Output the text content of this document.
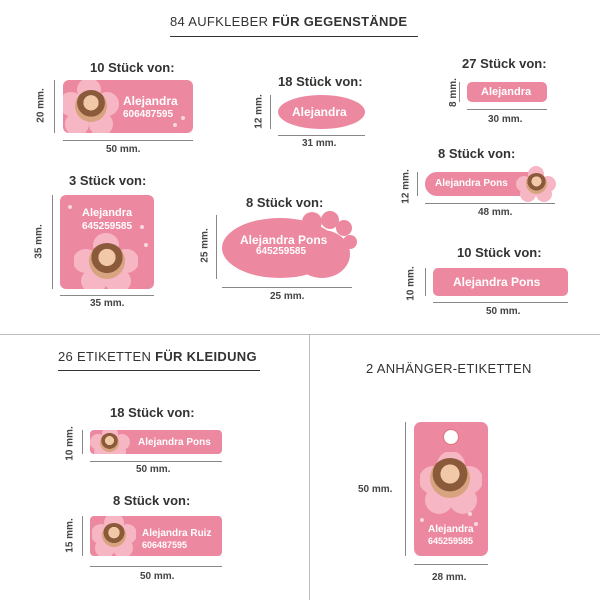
84 AUFKLEBER FÜR GEGENSTÄNDE
10 Stück von:
Alejandra
606487595
20 mm.
50 mm.
18 Stück von:
Alejandra
12 mm.
31 mm.
27 Stück von:
Alejandra
8 mm.
30 mm.
3 Stück von:
Alejandra
645259585
35 mm.
35 mm.
8 Stück von:
Alejandra Pons
645259585
25 mm.
25 mm.
8 Stück von:
Alejandra Pons
12 mm.
48 mm.
10 Stück von:
Alejandra Pons
10 mm.
50 mm.
26 ETIKETTEN FÜR KLEIDUNG
18 Stück von:
Alejandra Pons
10 mm.
50 mm.
8 Stück von:
Alejandra Ruiz
606487595
15 mm.
50 mm.
2 ANHÄNGER-ETIKETTEN
Alejandra
645259585
50 mm.
28 mm.
